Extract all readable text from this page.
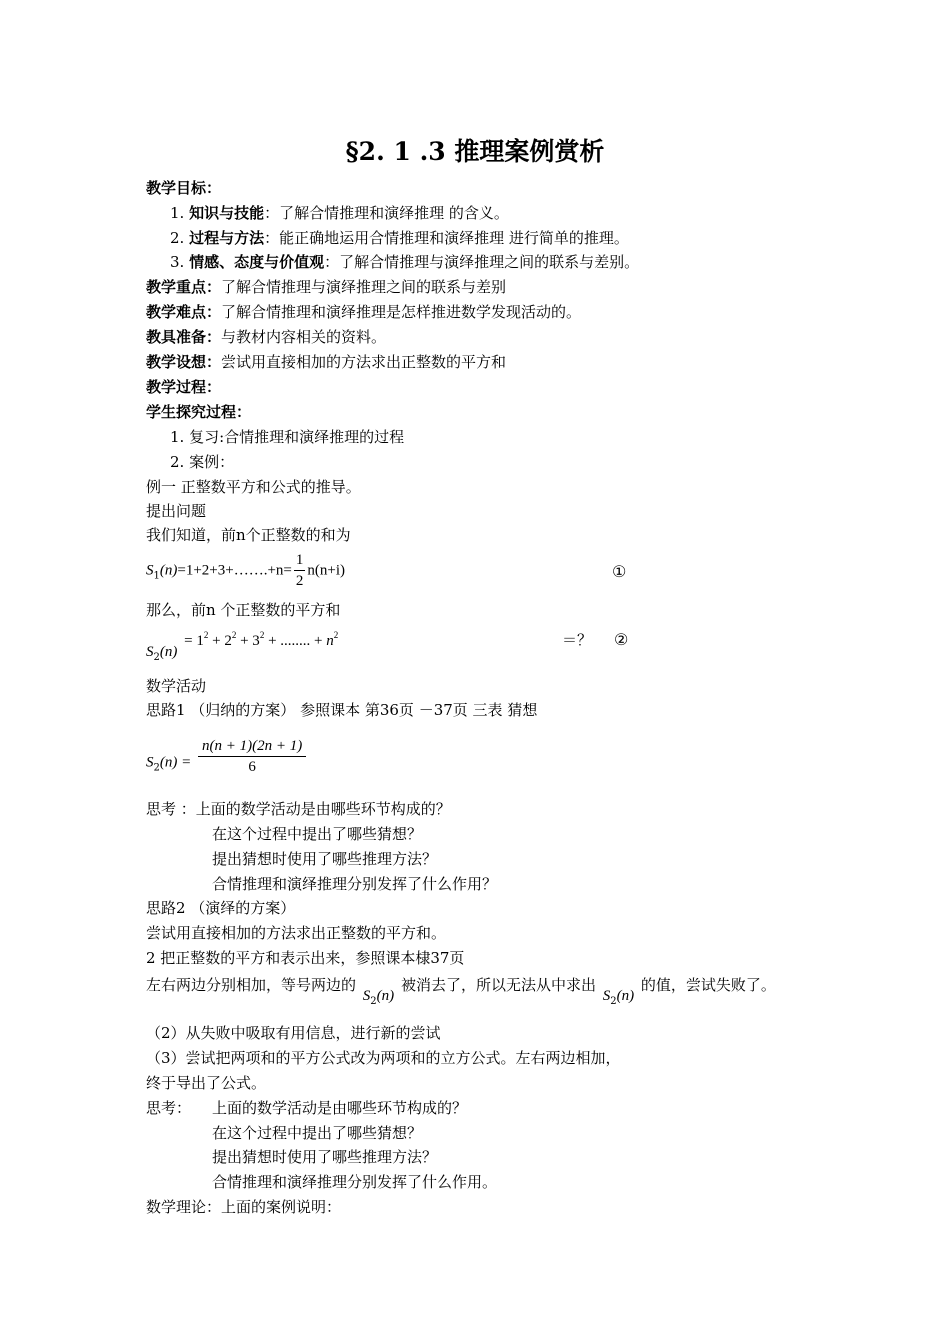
§2. 1 .3 推理案例赏析
教学目标：
1. 知识与技能：了解合情推理和演绎推理 的含义。
2. 过程与方法：能正确地运用合情推理和演绎推理 进行简单的推理。
3. 情感、态度与价值观：了解合情推理与演绎推理之间的联系与差别。
教学重点：了解合情推理与演绎推理之间的联系与差别
教学难点：了解合情推理和演绎推理是怎样推进数学发现活动的。
教具准备：与教材内容相关的资料。
教学设想：尝试用直接相加的方法求出正整数的平方和
教学过程：
学生探究过程：
1. 复习:合情推理和演绎推理的过程
2. 案例：
例一 正整数平方和公式的推导。
提出问题
我们知道，前n个正整数的和为
$S_1(n)=1+2+3+\dots\dots.+n= \frac{1}{2} n(n+i)$	①
那么，前n 个正整数的平方和
$S_2(n) = 1^2 + 2^2 + 3^2$ + ........ + $n^2$	＝？ ②
数学活动
思路1 （归纳的方案） 参照课本 第36页 －37页 三表 猜想
$S_2(n) = \frac{n(n + 1)(2n + 1)}{6}$
思考 ：上面的数学活动是由哪些环节构成的？
在这个过程中提出了哪些猜想？
提出猜想时使用了哪些推理方法？
合情推理和演绎推理分别发挥了什么作用？
思路2 （演绎的方案）
尝试用直接相加的方法求出正整数的平方和。
2 把正整数的平方和表示出来，参照课本棣37页
左右两边分别相加，等号两边的 $S_2(n)$ 被消去了，所以无法从中求出 $S_2(n)$ 的值，尝试失败了。
（2）从失败中吸取有用信息，进行新的尝试
（3）尝试把两项和的平方公式改为两项和的立方公式。左右两边相加，
终于导出了公式。
思考： 上面的数学活动是由哪些环节构成的？
在这个过程中提出了哪些猜想？
提出猜想时使用了哪些推理方法？
合情推理和演绎推理分别发挥了什么作用。
数学理论：上面的案例说明：
